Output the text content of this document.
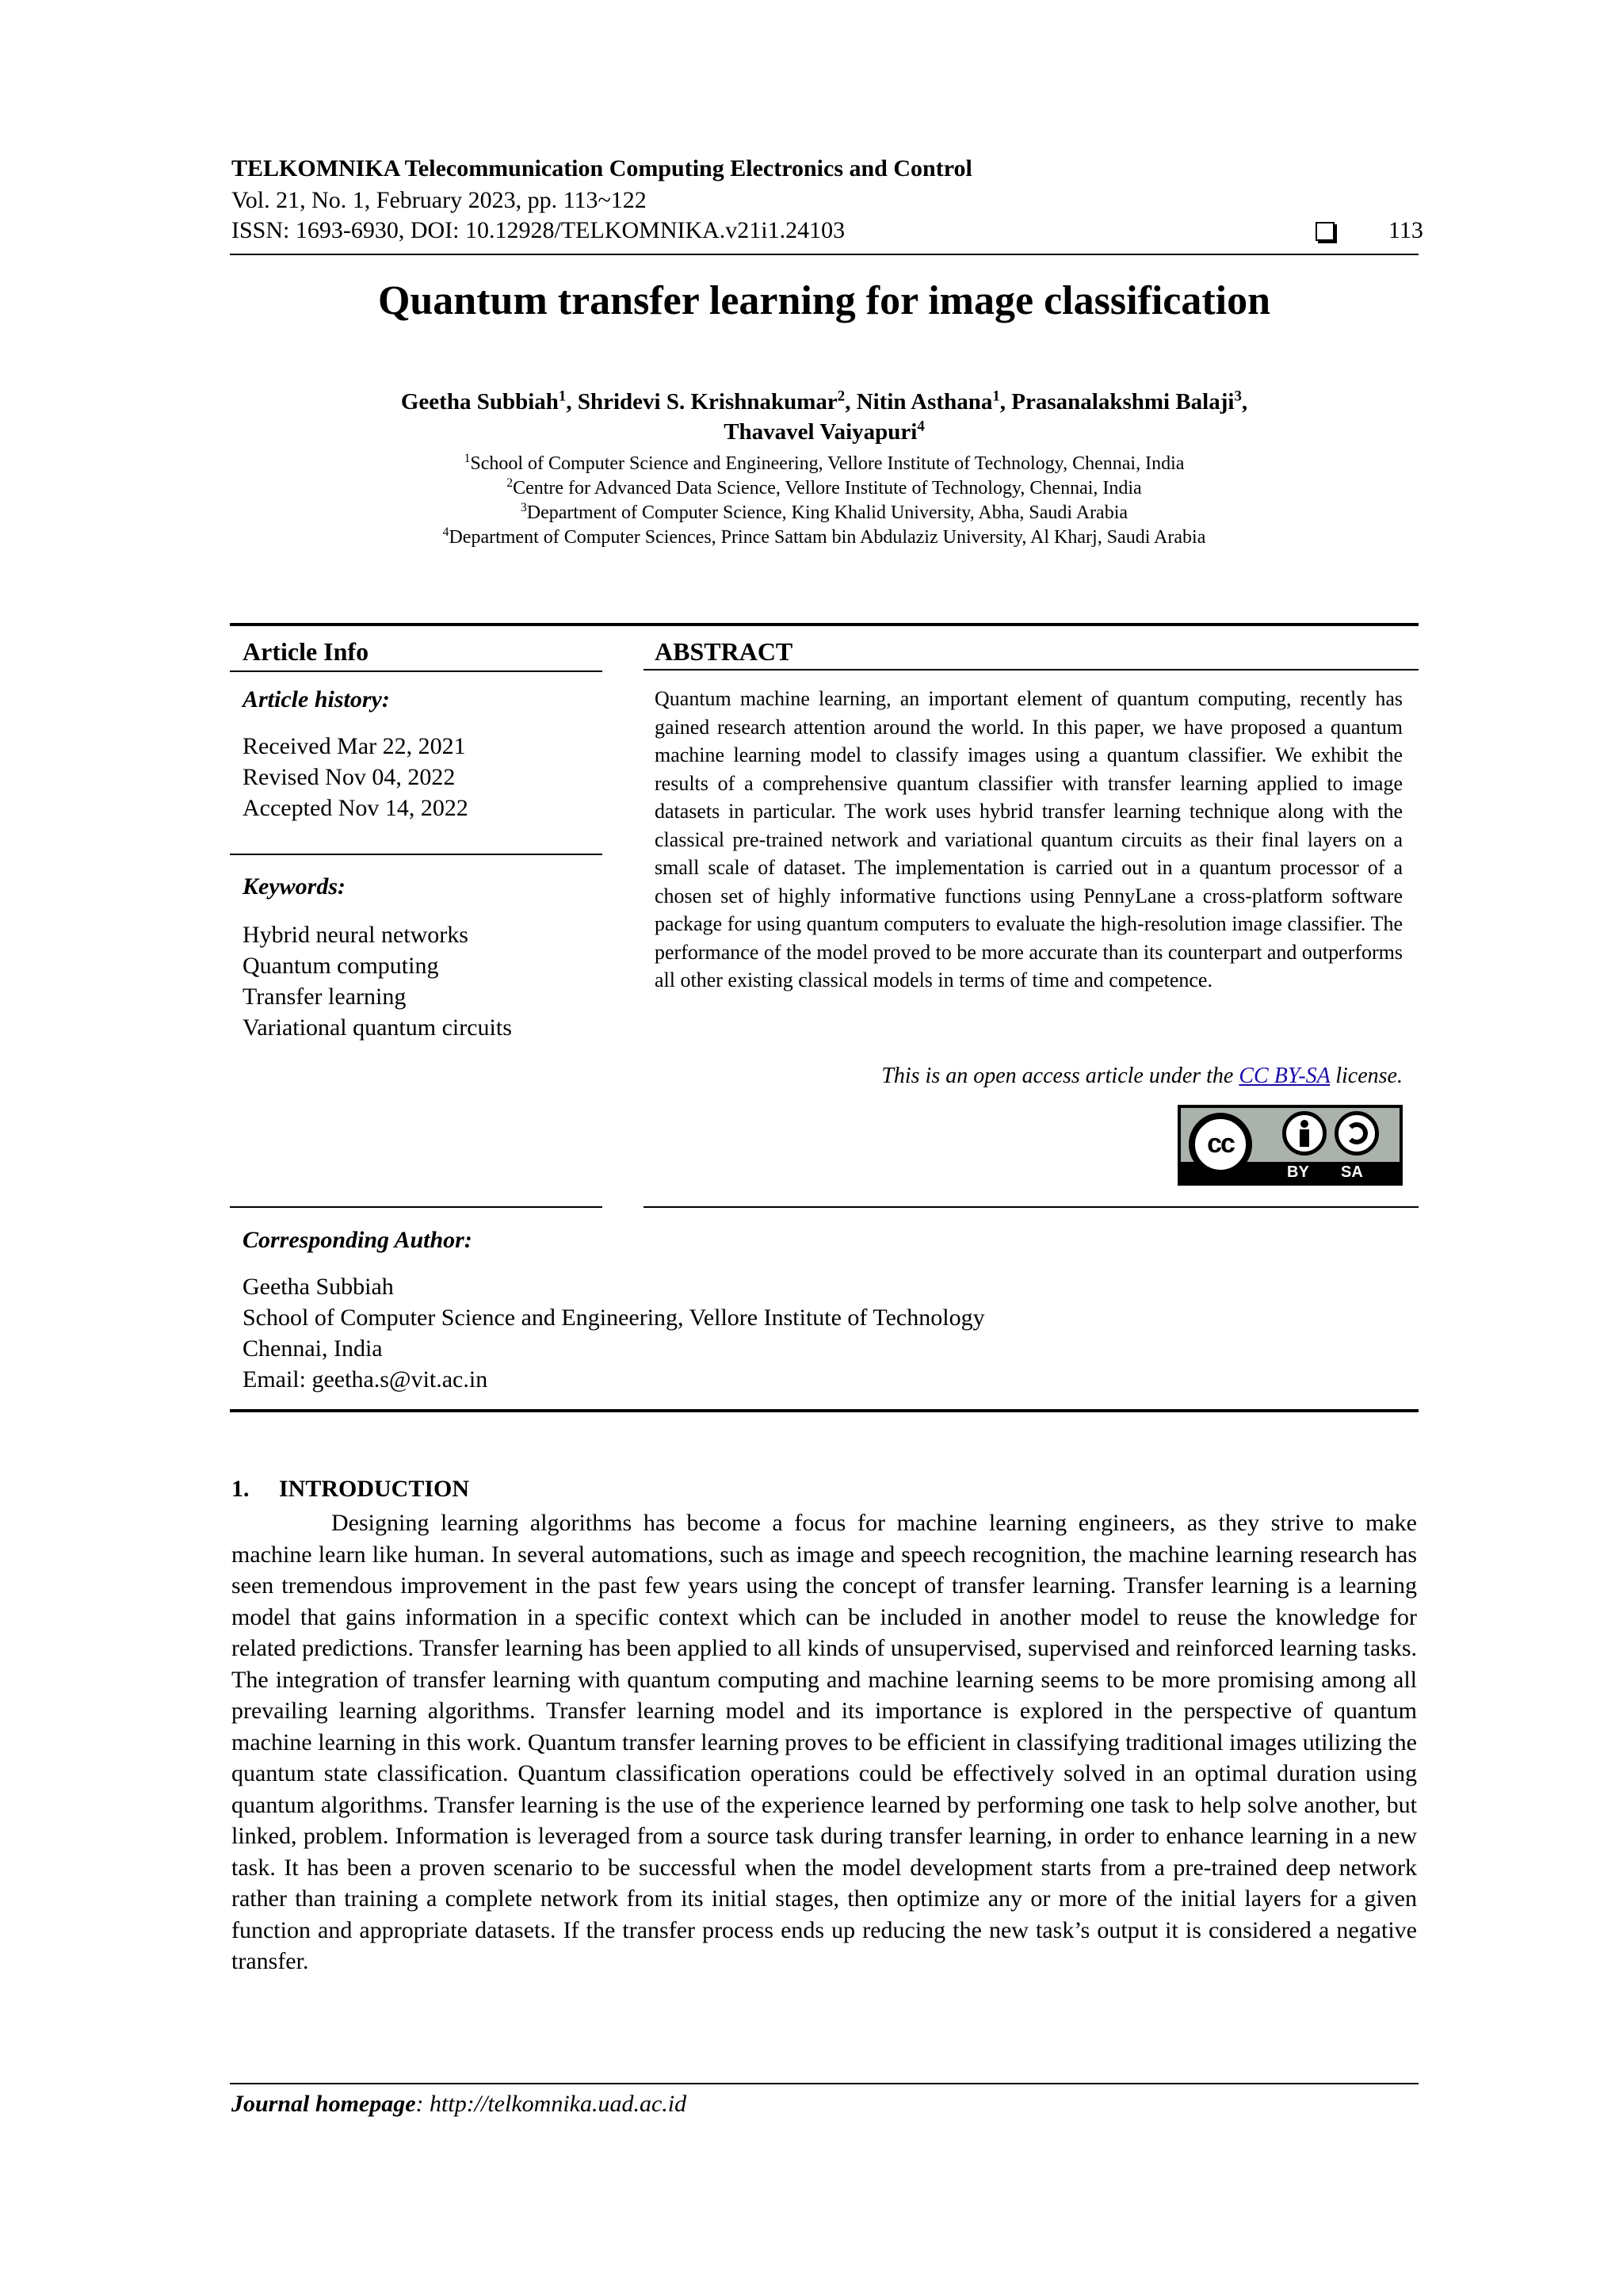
TELKOMNIKA Telecommunication Computing Electronics and Control
Vol. 21, No. 1, February 2023, pp. 113~122
ISSN: 1693-6930, DOI: 10.12928/TELKOMNIKA.v21i1.24103	113
Quantum transfer learning for image classification
Geetha Subbiah$^1$, Shridevi S. Krishnakumar$^2$, Nitin Asthana$^1$, Prasanalakshmi Balaji$^3$,
Thavavel Vaiyapuri$^4$
$^1$School of Computer Science and Engineering, Vellore Institute of Technology, Chennai, India
$^2$Centre for Advanced Data Science, Vellore Institute of Technology, Chennai, India
$^3$Department of Computer Science, King Khalid University, Abha, Saudi Arabia
$^4$Department of Computer Sciences, Prince Sattam bin Abdulaziz University, Al Kharj, Saudi Arabia
Article Info	ABSTRACT
Article history:
Received Mar 22, 2021
Revised Nov 04, 2022
Accepted Nov 14, 2022
Keywords:
Hybrid neural networks
Quantum computing
Transfer learning
Variational quantum circuits
Quantum machine learning, an important element of quantum computing, recently has gained research attention around the world. In this paper, we have proposed a quantum machine learning model to classify images using a quantum classifier. We exhibit the results of a comprehensive quantum classifier with transfer learning applied to image datasets in particular. The work uses hybrid transfer learning technique along with the classical pre-trained network and variational quantum circuits as their final layers on a small scale of dataset. The implementation is carried out in a quantum processor of a chosen set of highly informative functions using PennyLane a cross-platform software package for using quantum computers to evaluate the high-resolution image classifier. The performance of the model proved to be more accurate than its counterpart and outperforms all other existing classical models in terms of time and competence.
This is an open access article under the CC BY-SA license.
cc
BY SA
Corresponding Author:
Geetha Subbiah
School of Computer Science and Engineering, Vellore Institute of Technology
Chennai, India
Email: geetha.s@vit.ac.in
1.     INTRODUCTION
Designing learning algorithms has become a focus for machine learning engineers, as they strive to make machine learn like human. In several automations, such as image and speech recognition, the machine learning research has seen tremendous improvement in the past few years using the concept of transfer learning. Transfer learning is a learning model that gains information in a specific context which can be included in another model to reuse the knowledge for related predictions. Transfer learning has been applied to all kinds of unsupervised, supervised and reinforced learning tasks. The integration of transfer learning with quantum computing and machine learning seems to be more promising among all prevailing learning algorithms. Transfer learning model and its importance is explored in the perspective of quantum machine learning in this work. Quantum transfer learning proves to be efficient in classifying traditional images utilizing the quantum state classification. Quantum classification operations could be effectively solved in an optimal duration using quantum algorithms. Transfer learning is the use of the experience learned by performing one task to help solve another, but linked, problem. Information is leveraged from a source task during transfer learning, in order to enhance learning in a new task. It has been a proven scenario to be successful when the model development starts from a pre-trained deep network rather than training a complete network from its initial stages, then optimize any or more of the initial layers for a given function and appropriate datasets. If the transfer process ends up reducing the new task’s output it is considered a negative transfer.
Journal homepage: http://telkomnika.uad.ac.id
